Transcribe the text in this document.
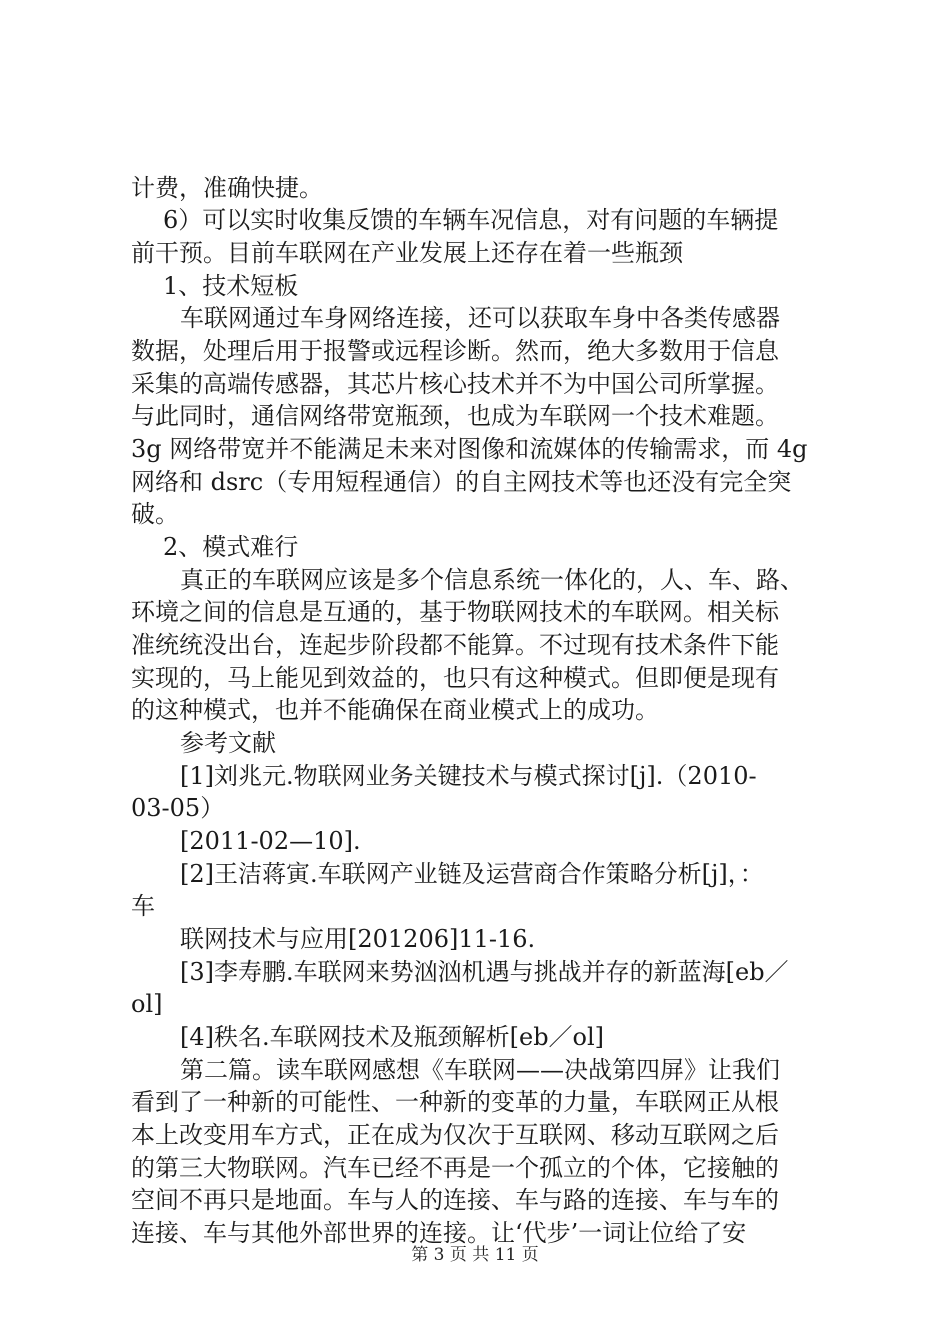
计费，准确快捷。
6）可以实时收集反馈的车辆车况信息，对有问题的车辆提
前干预。目前车联网在产业发展上还存在着一些瓶颈
1、技术短板
车联网通过车身网络连接，还可以获取车身中各类传感器
数据，处理后用于报警或远程诊断。然而，绝大多数用于信息
采集的高端传感器，其芯片核心技术并不为中国公司所掌握。
与此同时，通信网络带宽瓶颈，也成为车联网一个技术难题。
3g 网络带宽并不能满足未来对图像和流媒体的传输需求，而 4g
网络和 dsrc（专用短程通信）的自主网技术等也还没有完全突
破。
2、模式难行
真正的车联网应该是多个信息系统一体化的，人、车、路、
环境之间的信息是互通的，基于物联网技术的车联网。相关标
准统统没出台，连起步阶段都不能算。不过现有技术条件下能
实现的，马上能见到效益的，也只有这种模式。但即便是现有
的这种模式，也并不能确保在商业模式上的成功。
参考文献
[1]刘兆元.物联网业务关键技术与模式探讨[j].（2010-
03-05）
[2011-02—10].
[2]王洁蒋寅.车联网产业链及运营商合作策略分析[j]，：
车
联网技术与应用[201206]11-16.
[3]李寿鹏.车联网来势汹汹机遇与挑战并存的新蓝海[eb／
ol]
[4]秩名.车联网技术及瓶颈解析[eb／ol]
第二篇。读车联网感想《车联网——决战第四屏》让我们
看到了一种新的可能性、一种新的变革的力量，车联网正从根
本上改变用车方式，正在成为仅次于互联网、移动互联网之后
的第三大物联网。汽车已经不再是一个孤立的个体，它接触的
空间不再只是地面。车与人的连接、车与路的连接、车与车的
连接、车与其他外部世界的连接。让‘代步’一词让位给了安
第 3 页 共 11 页
